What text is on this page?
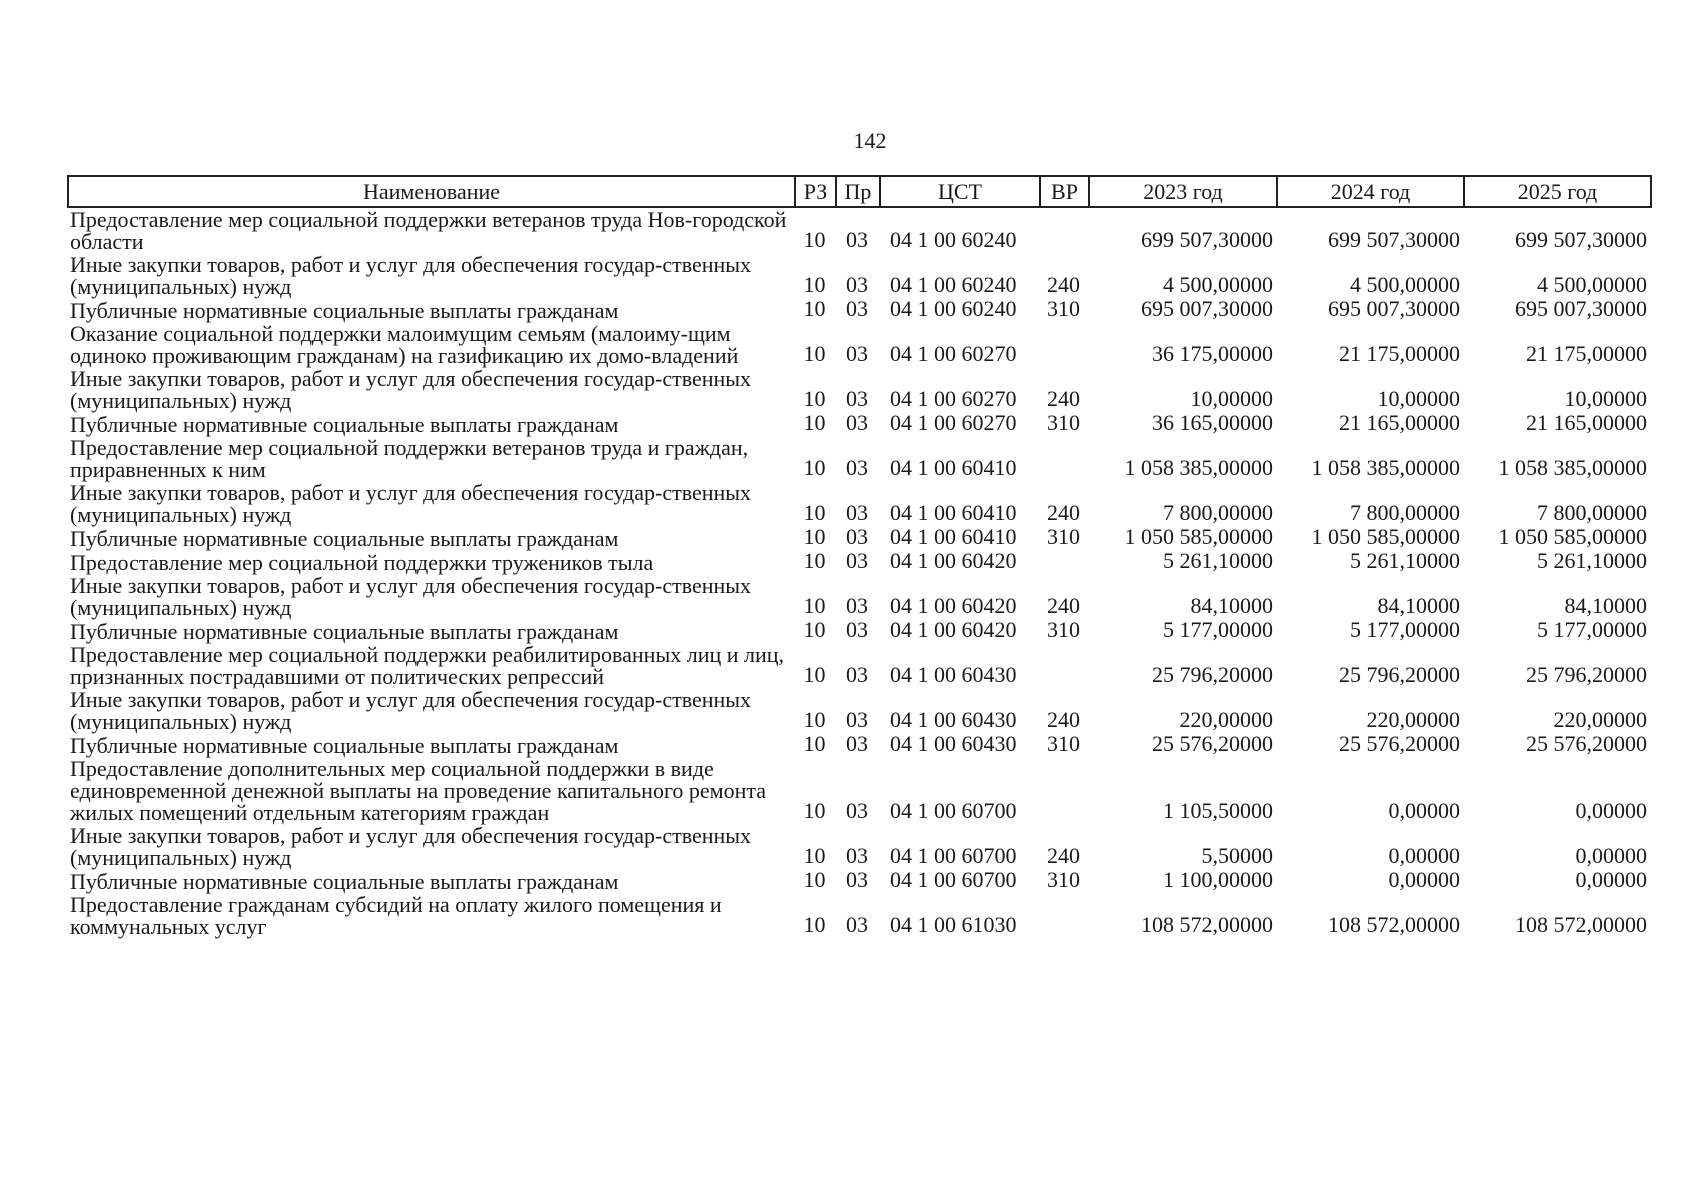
142
Наименование	РЗ	Пр	ЦСТ	ВР	2023 год	2024 год	2025 год
Предоставление мер социальной поддержки ветеранов труда Нов-городской области	10	03	04 1 00 60240		699 507,30000	699 507,30000	699 507,30000
Иные закупки товаров, работ и услуг для обеспечения государ-ственных (муниципальных) нужд	10	03	04 1 00 60240	240	4 500,00000	4 500,00000	4 500,00000
Публичные нормативные социальные выплаты гражданам	10	03	04 1 00 60240	310	695 007,30000	695 007,30000	695 007,30000
Оказание социальной поддержки малоимущим семьям (малоиму-щим одиноко проживающим гражданам) на газификацию их домо-владений	10	03	04 1 00 60270		36 175,00000	21 175,00000	21 175,00000
Иные закупки товаров, работ и услуг для обеспечения государ-ственных (муниципальных) нужд	10	03	04 1 00 60270	240	10,00000	10,00000	10,00000
Публичные нормативные социальные выплаты гражданам	10	03	04 1 00 60270	310	36 165,00000	21 165,00000	21 165,00000
Предоставление мер социальной поддержки ветеранов труда и граждан, приравненных к ним	10	03	04 1 00 60410		1 058 385,00000	1 058 385,00000	1 058 385,00000
Иные закупки товаров, работ и услуг для обеспечения государ-ственных (муниципальных) нужд	10	03	04 1 00 60410	240	7 800,00000	7 800,00000	7 800,00000
Публичные нормативные социальные выплаты гражданам	10	03	04 1 00 60410	310	1 050 585,00000	1 050 585,00000	1 050 585,00000
Предоставление мер социальной поддержки тружеников тыла	10	03	04 1 00 60420		5 261,10000	5 261,10000	5 261,10000
Иные закупки товаров, работ и услуг для обеспечения государ-ственных (муниципальных) нужд	10	03	04 1 00 60420	240	84,10000	84,10000	84,10000
Публичные нормативные социальные выплаты гражданам	10	03	04 1 00 60420	310	5 177,00000	5 177,00000	5 177,00000
Предоставление мер социальной поддержки реабилитированных лиц и лиц, признанных пострадавшими от политических репрессий	10	03	04 1 00 60430		25 796,20000	25 796,20000	25 796,20000
Иные закупки товаров, работ и услуг для обеспечения государ-ственных (муниципальных) нужд	10	03	04 1 00 60430	240	220,00000	220,00000	220,00000
Публичные нормативные социальные выплаты гражданам	10	03	04 1 00 60430	310	25 576,20000	25 576,20000	25 576,20000
Предоставление дополнительных мер социальной поддержки в виде единовременной денежной выплаты на проведение капитального ремонта жилых помещений отдельным категориям граждан	10	03	04 1 00 60700		1 105,50000	0,00000	0,00000
Иные закупки товаров, работ и услуг для обеспечения государ-ственных (муниципальных) нужд	10	03	04 1 00 60700	240	5,50000	0,00000	0,00000
Публичные нормативные социальные выплаты гражданам	10	03	04 1 00 60700	310	1 100,00000	0,00000	0,00000
Предоставление гражданам субсидий на оплату жилого помещения и коммунальных услуг	10	03	04 1 00 61030		108 572,00000	108 572,00000	108 572,00000
